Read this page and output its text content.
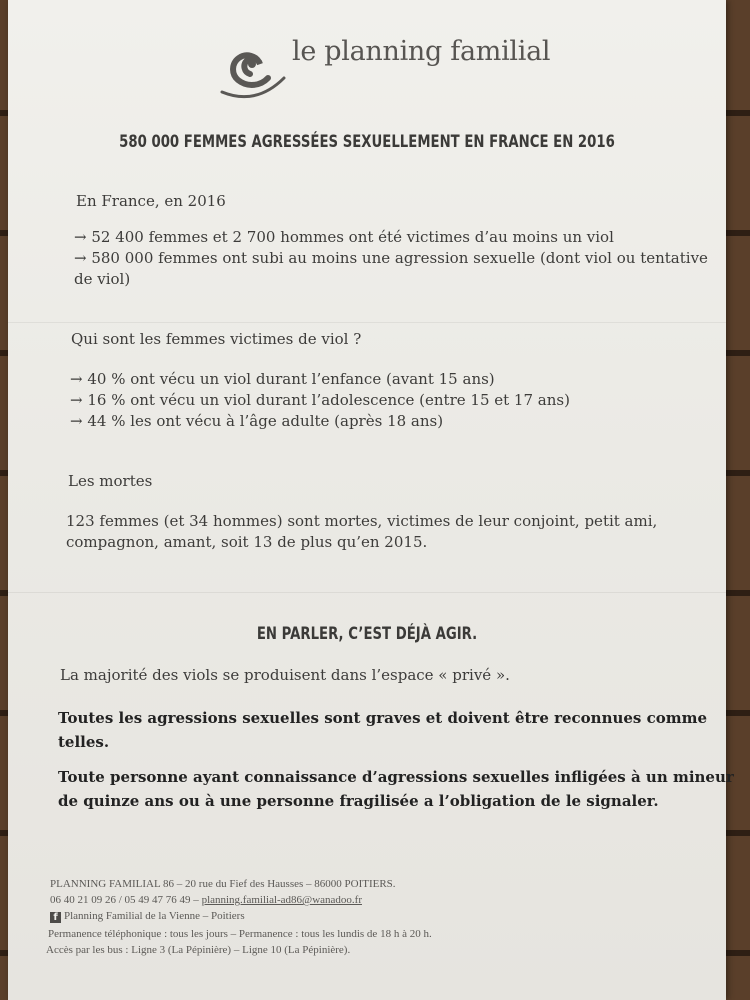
le planning familial
580 000 FEMMES AGRESSÉES SEXUELLEMENT EN FRANCE EN 2016
En France, en 2016
→ 52 400 femmes et 2 700 hommes ont été victimes d’au moins un viol
→ 580 000 femmes ont subi au moins une agression sexuelle (dont viol ou tentative
de viol)
Qui sont les femmes victimes de viol ?
→ 40 % ont vécu un viol durant l’enfance (avant 15 ans)
→ 16 % ont vécu un viol durant l’adolescence (entre 15 et 17 ans)
→ 44 % les ont vécu à l’âge adulte (après 18 ans)
Les mortes
123 femmes (et 34 hommes) sont mortes, victimes de leur conjoint, petit ami,
compagnon, amant, soit 13 de plus qu’en 2015.
EN PARLER, C’EST DÉJÀ AGIR.
La majorité des viols se produisent dans l’espace « privé ».
Toutes les agressions sexuelles sont graves et doivent être reconnues comme
telles.
Toute personne ayant connaissance d’agressions sexuelles infligées à un mineur
de quinze ans ou à une personne fragilisée a l’obligation de le signaler.
PLANNING FAMILIAL 86 – 20 rue du Fief des Hausses – 86000 POITIERS.
06 40 21 09 26 / 05 49 47 76 49 – planning.familial-ad86@wanadoo.fr
f Planning Familial de la Vienne – Poitiers
Permanence téléphonique : tous les jours – Permanence : tous les lundis de 18 h à 20 h.
Accès par les bus : Ligne 3 (La Pépinière) – Ligne 10 (La Pépinière).
